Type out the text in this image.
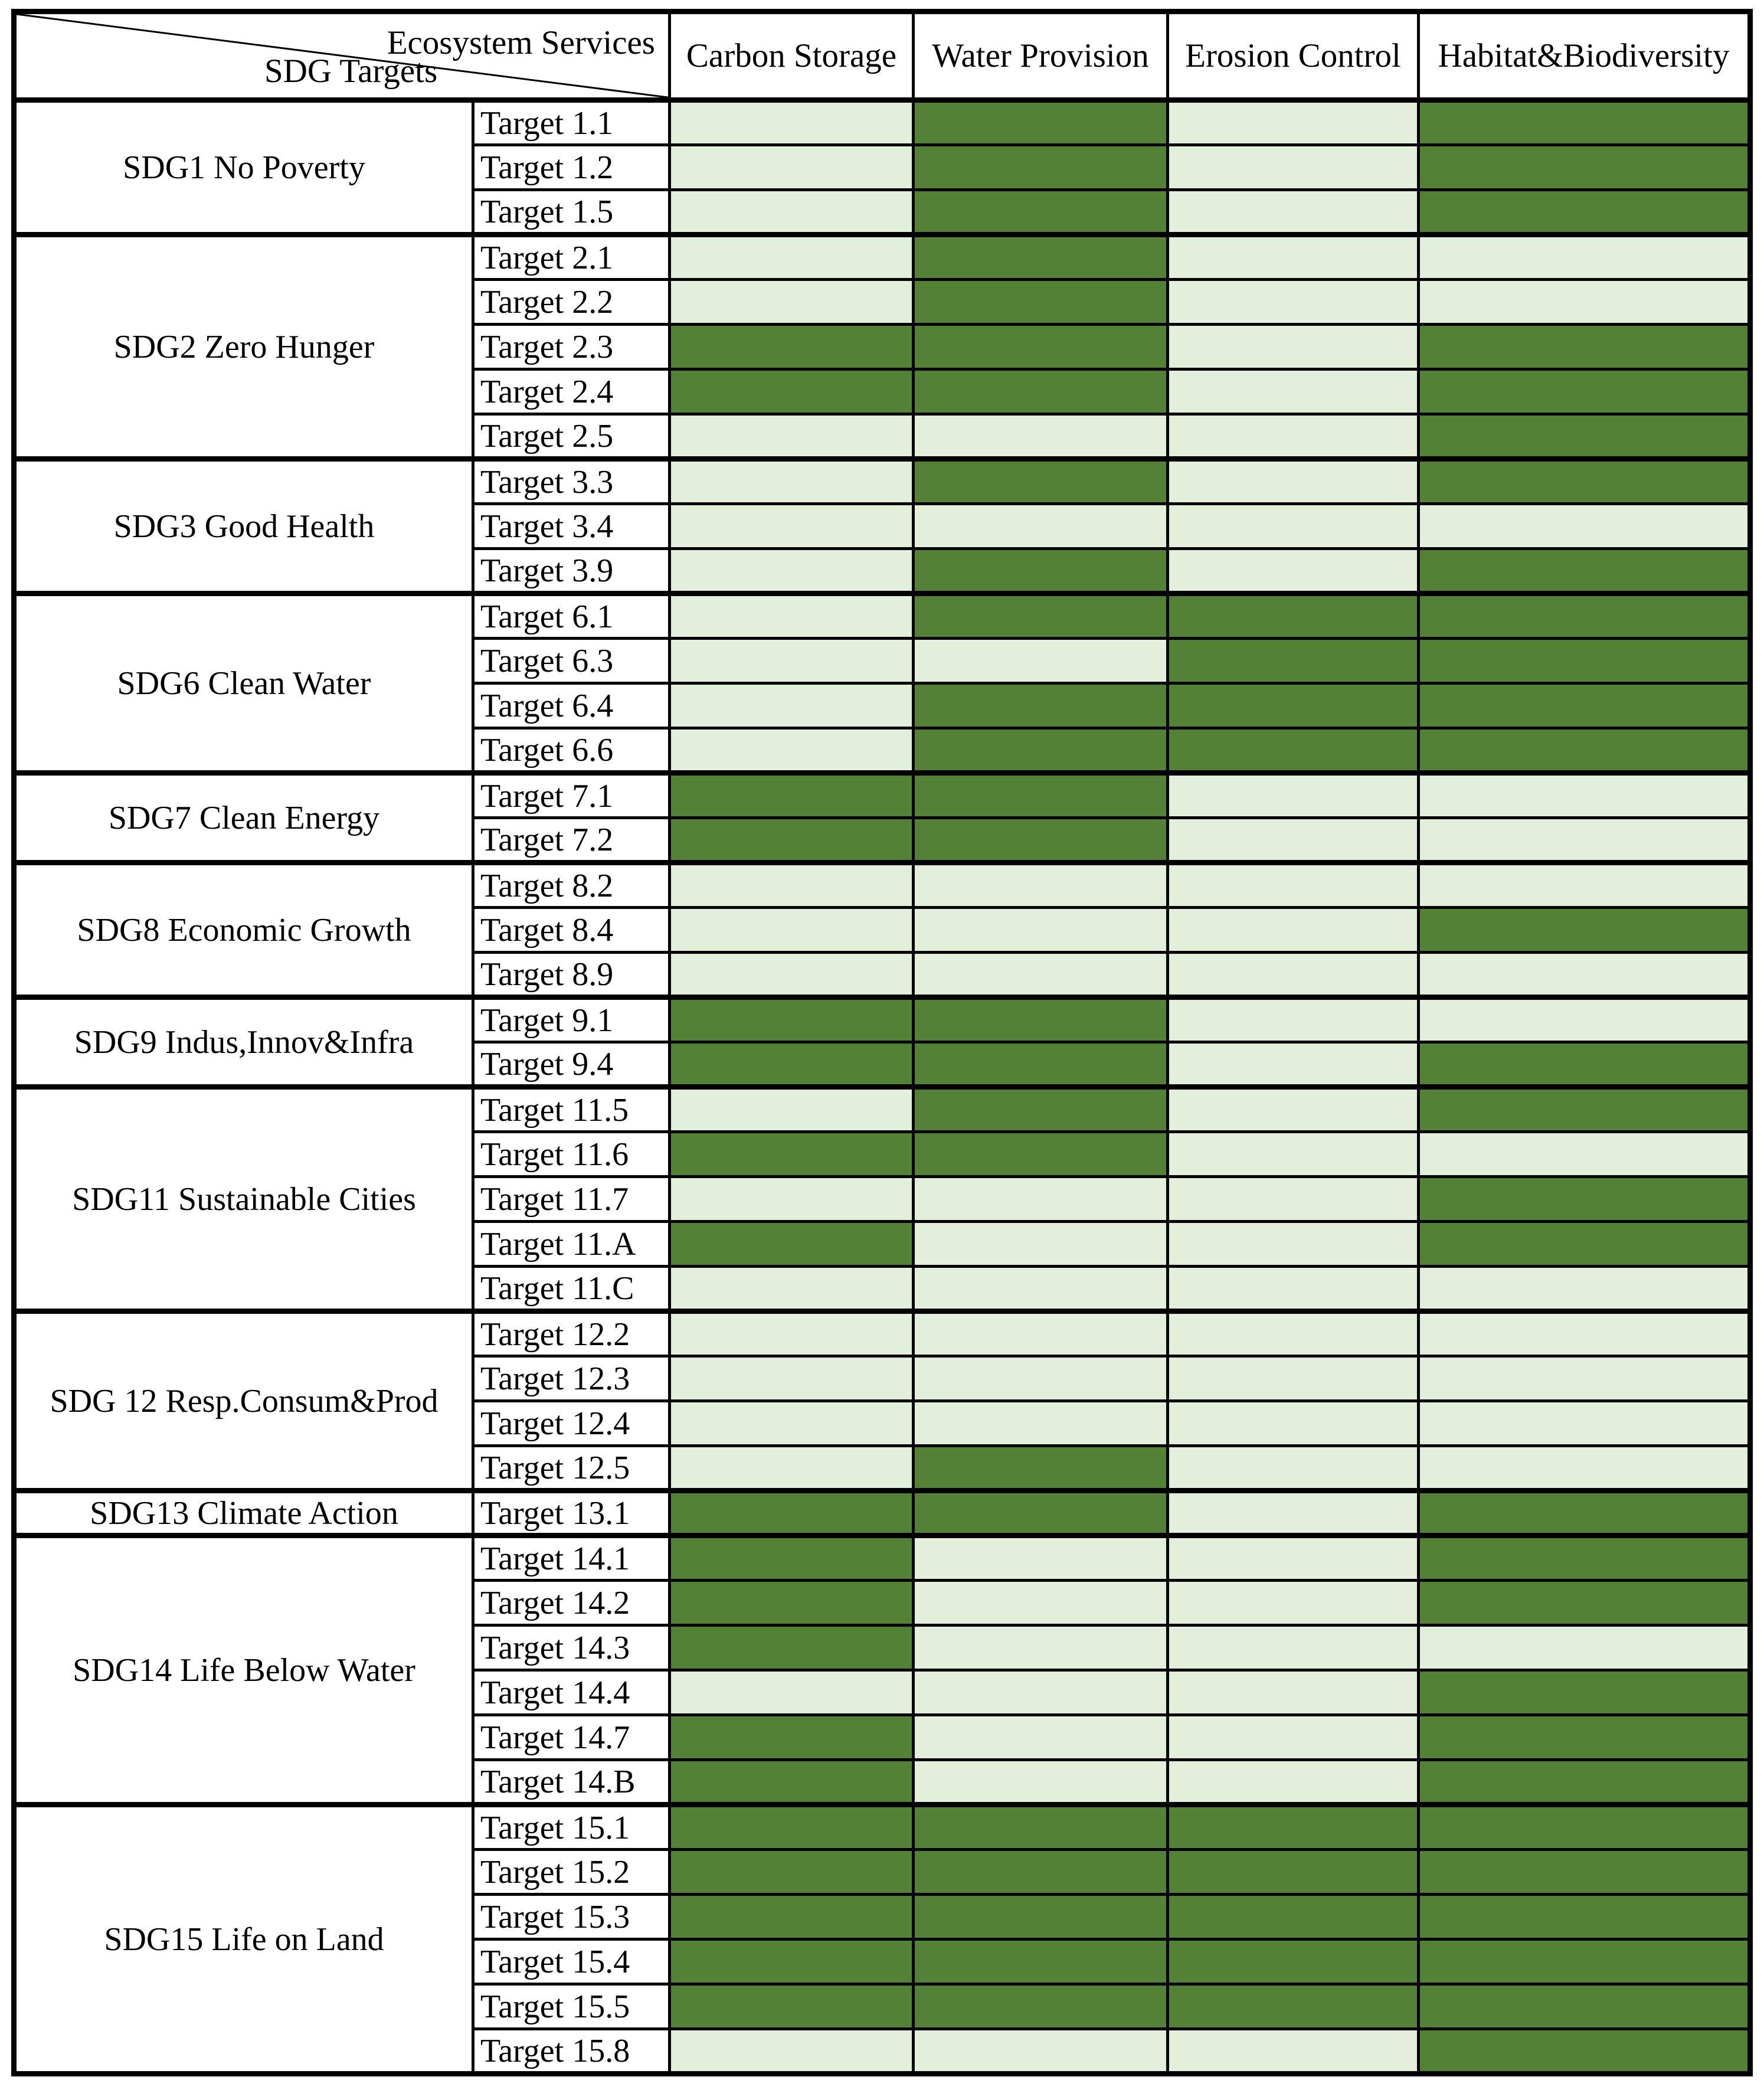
Ecosystem Services
SDG Targets		Carbon Storage	Water Provision	Erosion Control	Habitat&Biodiversity
SDG1 No Poverty	Target 1.1				
	Target 1.2				
	Target 1.5				
SDG2 Zero Hunger	Target 2.1				
	Target 2.2				
	Target 2.3				
	Target 2.4				
	Target 2.5				
SDG3 Good Health	Target 3.3				
	Target 3.4				
	Target 3.9				
SDG6 Clean Water	Target 6.1				
	Target 6.3				
	Target 6.4				
	Target 6.6				
SDG7 Clean Energy	Target 7.1				
	Target 7.2				
SDG8 Economic Growth	Target 8.2				
	Target 8.4				
	Target 8.9				
SDG9 Indus,Innov&Infra	Target 9.1				
	Target 9.4				
SDG11 Sustainable Cities	Target 11.5				
	Target 11.6				
	Target 11.7				
	Target 11.A				
	Target 11.C				
SDG 12 Resp.Consum&Prod	Target 12.2				
	Target 12.3				
	Target 12.4				
	Target 12.5				
SDG13 Climate Action	Target 13.1				
SDG14 Life Below Water	Target 14.1				
	Target 14.2				
	Target 14.3				
	Target 14.4				
	Target 14.7				
	Target 14.B				
SDG15 Life on Land	Target 15.1				
	Target 15.2				
	Target 15.3				
	Target 15.4				
	Target 15.5				
	Target 15.8				
